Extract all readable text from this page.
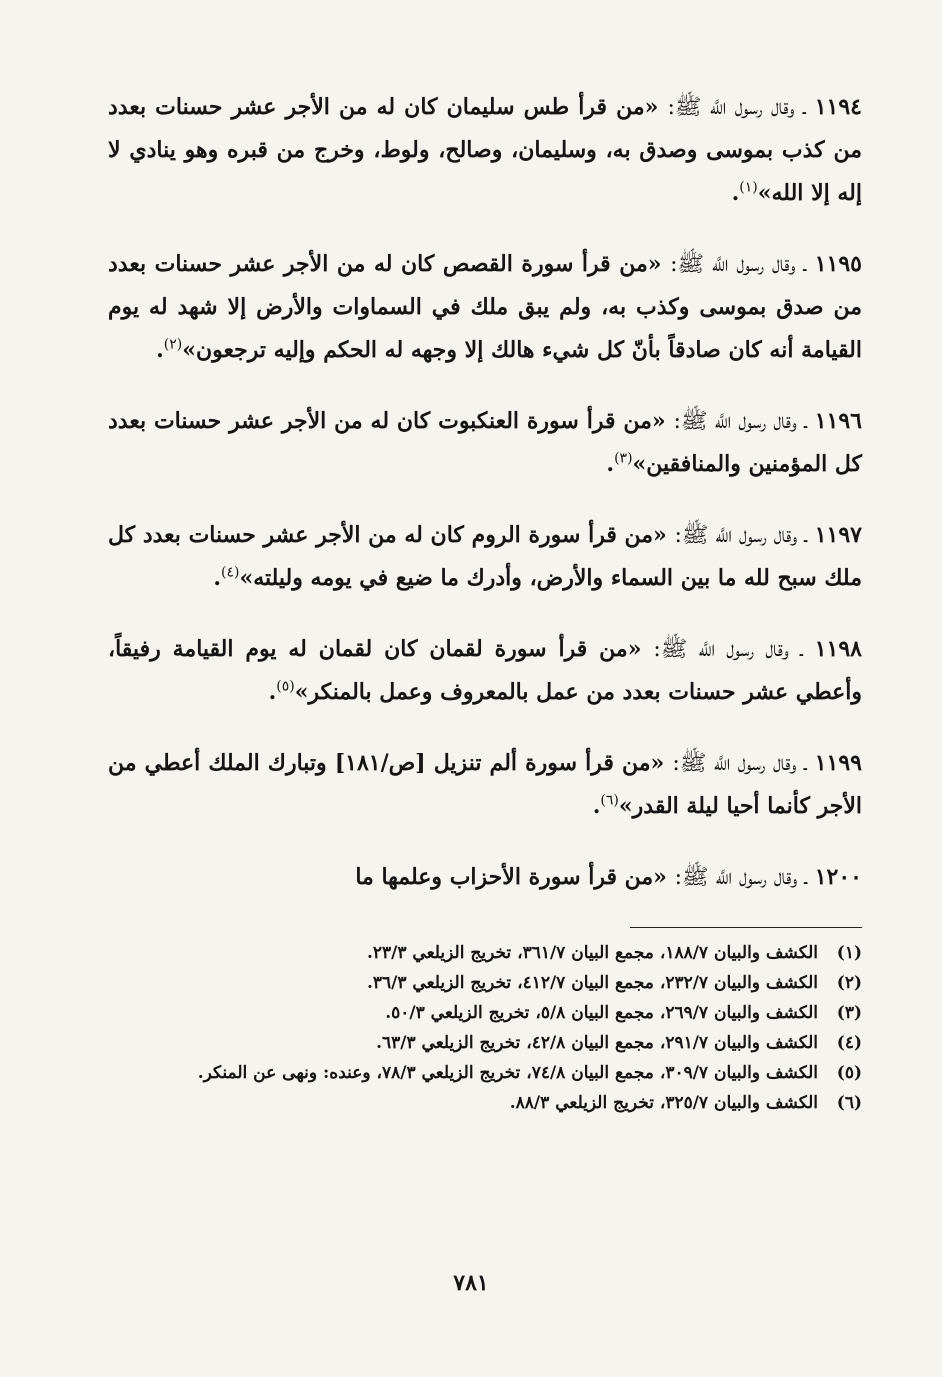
١١٩٤ ـ وقال رسول اللَّه ﷺ: «من قرأ طس سليمان كان له من الأجر عشر حسنات بعدد من كذب بموسى وصدق به، وسليمان، وصالح، ولوط، وخرج من قبره وهو ينادي لا إله إلا الله»$^{(١)}$.

١١٩٥ ـ وقال رسول اللَّه ﷺ: «من قرأ سورة القصص كان له من الأجر عشر حسنات بعدد من صدق بموسى وكذب به، ولم يبق ملك في السماوات والأرض إلا شهد له يوم القيامة أنه كان صادقاً بأنّ كل شيء هالك إلا وجهه له الحكم وإليه ترجعون»$^{(٢)}$.

١١٩٦ ـ وقال رسول اللَّه ﷺ: «من قرأ سورة العنكبوت كان له من الأجر عشر حسنات بعدد كل المؤمنين والمنافقين»$^{(٣)}$.

١١٩٧ ـ وقال رسول اللَّه ﷺ: «من قرأ سورة الروم كان له من الأجر عشر حسنات بعدد كل ملك سبح لله ما بين السماء والأرض، وأدرك ما ضيع في يومه وليلته»$^{(٤)}$.

١١٩٨ ـ وقال رسول اللَّه ﷺ: «من قرأ سورة لقمان كان لقمان له يوم القيامة رفيقاً، وأعطي عشر حسنات بعدد من عمل بالمعروف وعمل بالمنكر»$^{(٥)}$.

١١٩٩ ـ وقال رسول اللَّه ﷺ: «من قرأ سورة ألم تنزيل [ص/١٨١] وتبارك الملك أعطي من الأجر كأنما أحيا ليلة القدر»$^{(٦)}$.

١٢٠٠ ـ وقال رسول اللَّه ﷺ: «من قرأ سورة الأحزاب وعلمها ما

(١)
الكشف والبيان ١٨٨/٧، مجمع البيان ٣٦١/٧، تخريج الزيلعي ٢٣/٣.
(٢)
الكشف والبيان ٢٣٢/٧، مجمع البيان ٤١٢/٧، تخريج الزيلعي ٣٦/٣.
(٣)
الكشف والبيان ٢٦٩/٧، مجمع البيان ٥/٨، تخريج الزيلعي ٥٠/٣.
(٤)
الكشف والبيان ٢٩١/٧، مجمع البيان ٤٢/٨، تخريج الزيلعي ٦٣/٣.
(٥)
الكشف والبيان ٣٠٩/٧، مجمع البيان ٧٤/٨، تخريج الزيلعي ٧٨/٣، وعنده: ونهى عن المنكر.
(٦)
الكشف والبيان ٣٢٥/٧، تخريج الزيلعي ٨٨/٣.
٧٨١
